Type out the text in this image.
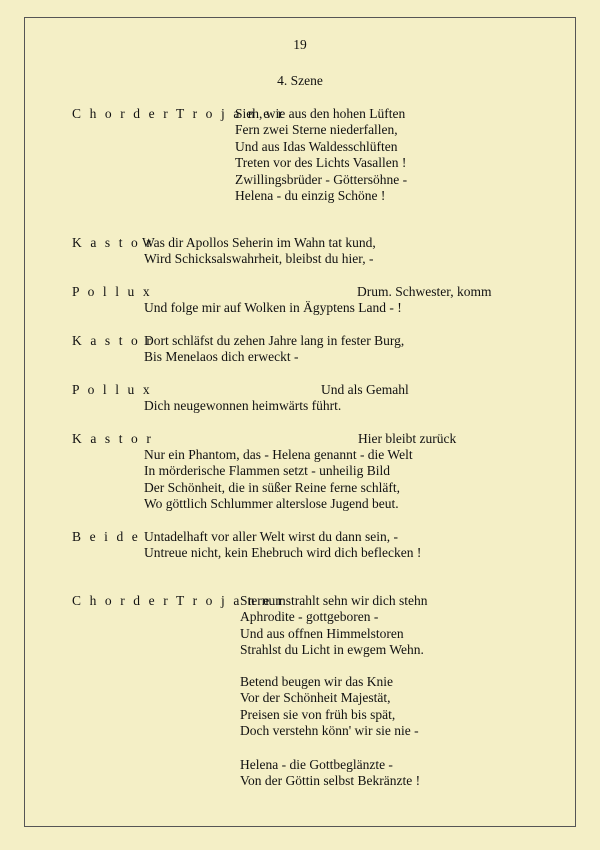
19
4. Szene
C h o r d e r T r o j a n e r
Sieh, wie aus den hohen Lüften
Fern zwei Sterne niederfallen,
Und aus Idas Waldesschlüften
Treten vor des Lichts Vasallen !
Zwillingsbrüder - Göttersöhne -
Helena - du einzig Schöne !
K a s t o r
Was dir Apollos Seherin im Wahn tat kund,
Wird Schicksalswahrheit, bleibst du hier, -
P o l l u x	Drum. Schwester, komm
Und folge mir auf Wolken in Ägyptens Land - !
K a s t o r
Dort schläfst du zehen Jahre lang in fester Burg,
Bis Menelaos dich erweckt -
P o l l u x	Und als Gemahl
Dich neugewonnen heimwärts führt.
K a s t o r	Hier bleibt zurück
Nur ein Phantom, das - Helena genannt - die Welt
In mörderische Flammen setzt - unheilig Bild
Der Schönheit, die in süßer Reine ferne schläft,
Wo göttlich Schlummer alterslose Jugend beut.
B e i d e Untadelhaft vor aller Welt wirst du dann sein, -
Untreue nicht, kein Ehebruch wird dich beflecken !
C h o r d e r T r o j a n e r
Sternumstrahlt sehn wir dich stehn
Aphrodite - gottgeboren -
Und aus offnen Himmelstoren
Strahlst du Licht in ewgem Wehn.
Betend beugen wir das Knie
Vor der Schönheit Majestät,
Preisen sie von früh bis spät,
Doch verstehn könn' wir sie nie -
Helena - die Gottbeglänzte -
Von der Göttin selbst Bekränzte !
